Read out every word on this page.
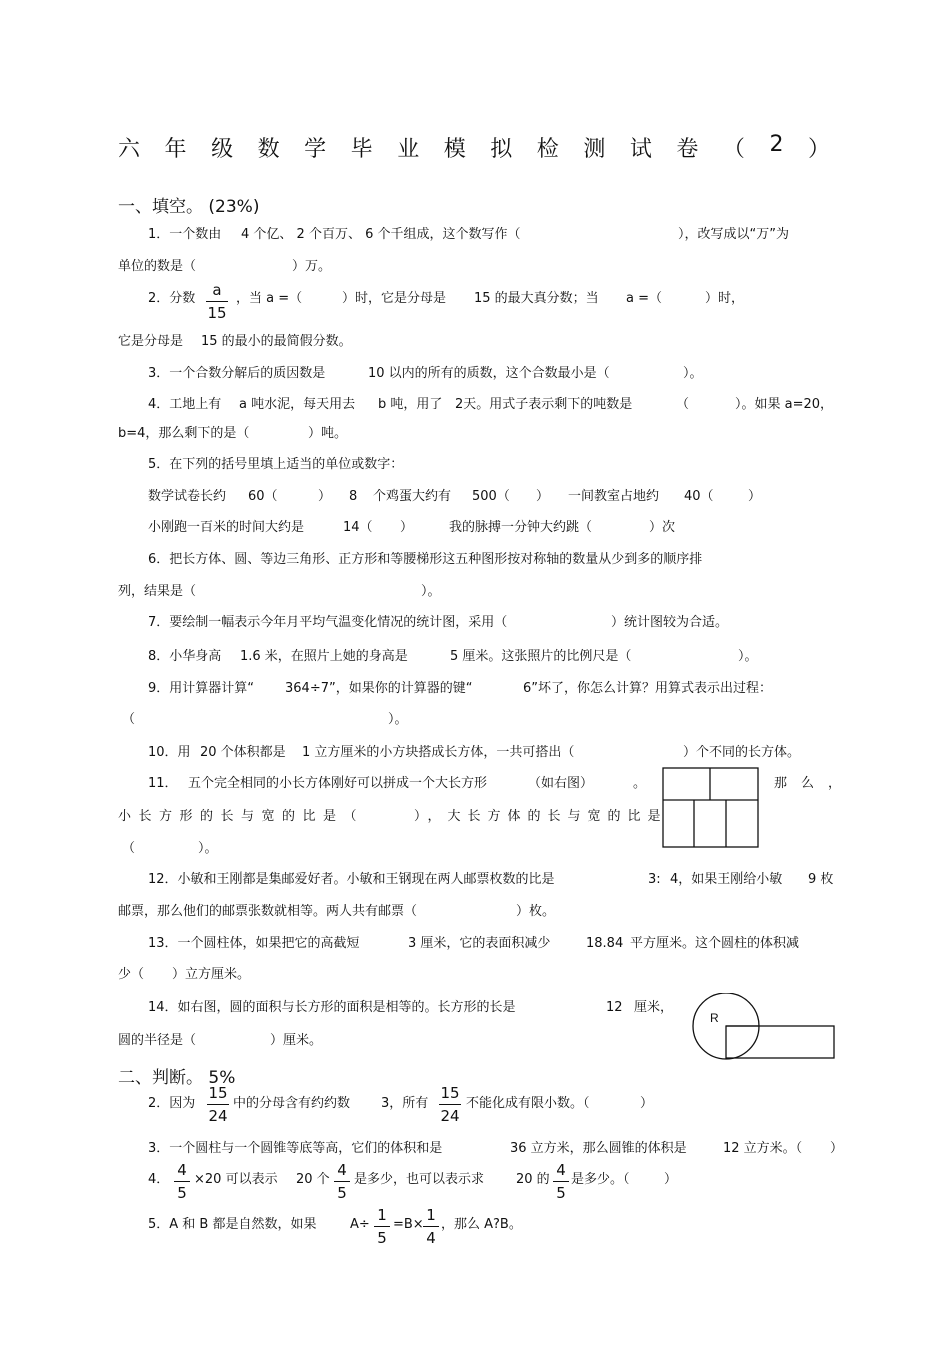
六 年 级 数 学 毕 业 模 拟 检 测 试 卷 （ 2 ）
一、填空。 (23%)
1．一个数由 4 个亿、 2 个百万、 6 个千组成，这个数写作（	），改写成以“万”为
单位的数是（	）万。
2．分数 a
15
，当 a =（	）时，它是分母是 15 的最大真分数；当 a =（	）时，
它是分母是 15 的最小的最简假分数。
3．一个合数分解后的质因数是	10 以内的所有的质数，这个合数最小是（	）。
4．工地上有 a 吨水泥，每天用去 b 吨，用了 2天。用式子表示剩下的吨数是	（	）。如果 a=20，
b=4，那么剩下的是（	）吨。
5．在下列的括号里填上适当的单位或数字：
数学试卷长约 60（	） 8 个鸡蛋大约有 500（ ） 一间教室占地约 40（	）
小刚跑一百米的时间大约是	14（ ）	我的脉搏一分钟大约跳（	）次
6．把长方体、圆、等边三角形、正方形和等腰梯形这五种图形按对称轴的数量从少到多的顺序排
列，结果是（	）。
7．要绘制一幅表示今年月平均气温变化情况的统计图，采用（	）统计图较为合适。
8．小华身高 1.6 米，在照片上她的身高是	5 厘米。这张照片的比例尺是（	）。
9．用计算器计算“ 364÷7”，如果你的计算器的键“	6”坏了，你怎么计算？用算式表示出过程：
（	）。
10．用 20 个体积都是 1 立方厘米的小方块搭成长方体，一共可搭出（	）个不同的长方体。
11． 五个完全相同的小长方体刚好可以拼成一个大长方形	（如右图）	。	那么，
小长方形的长与宽的比是（	），大长方体的长与宽的比是
（	）。
12．小敏和王刚都是集邮爱好者。小敏和王钢现在两人邮票枚数的比是	3: 4，如果王刚给小敏 9 枚
邮票，那么他们的邮票张数就相等。两人共有邮票（	）枚。
13．一个圆柱体，如果把它的高截短	3 厘米，它的表面积减少	18.84 平方厘米。这个圆柱的体积减
少（ ）立方厘米。
14．如右图，圆的面积与长方形的面积是相等的。长方形的长是	12 厘米，
圆的半径是（	）厘米。
R
二、判断。 5%
2．因为
15
24
中的分母含有约约数 3，所有
15
24
不能化成有限小数。（	）
3．一个圆柱与一个圆锥等底等高，它们的体积和是	36 立方米，那么圆锥的体积是	12 立方米。（ ）
4．
4
5
×20 可以表示 20 个
4
5
是多少，也可以表示求 20 的
4
5
是多少。（	）
5．A 和 B 都是自然数，如果	A÷
1
5
=B×
1
4
，那么 A?B。
